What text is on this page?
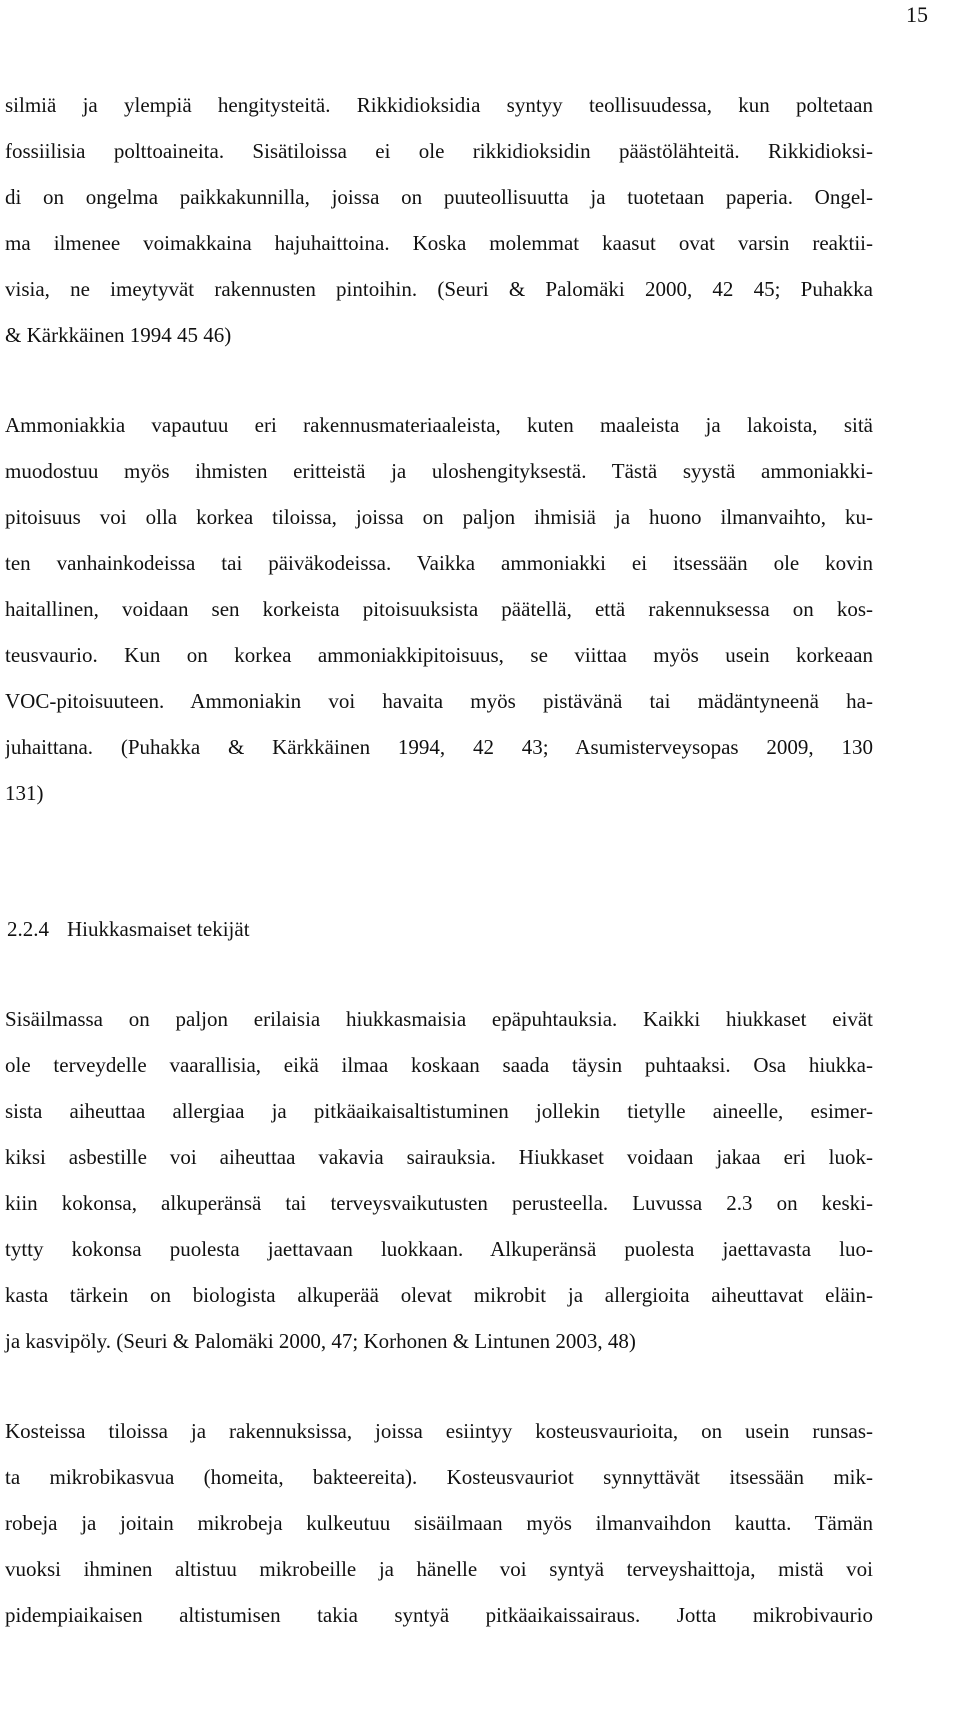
15
silmiä ja ylempiä hengitysteitä. Rikkidioksidia syntyy teollisuudessa, kun poltetaan
fossiilisia polttoaineita. Sisätiloissa ei ole rikkidioksidin päästölähteitä. Rikkidioksi-
di on ongelma paikkakunnilla, joissa on puuteollisuutta ja tuotetaan paperia. Ongel-
ma ilmenee voimakkaina hajuhaittoina. Koska molemmat kaasut ovat varsin reaktii-
visia, ne imeytyvät rakennusten pintoihin. (Seuri & Palomäki 2000, 42 45; Puhakka
& Kärkkäinen 1994 45 46)
Ammoniakkia vapautuu eri rakennusmateriaaleista, kuten maaleista ja lakoista, sitä
muodostuu myös ihmisten eritteistä ja uloshengityksestä. Tästä syystä ammoniakki-
pitoisuus voi olla korkea tiloissa, joissa on paljon ihmisiä ja huono ilmanvaihto, ku-
ten vanhainkodeissa tai päiväkodeissa. Vaikka ammoniakki ei itsessään ole kovin
haitallinen, voidaan sen korkeista pitoisuuksista päätellä, että rakennuksessa on kos-
teusvaurio. Kun on korkea ammoniakkipitoisuus, se viittaa myös usein korkeaan
VOC-pitoisuuteen. Ammoniakin voi havaita myös pistävänä tai mädäntyneenä ha-
juhaittana. (Puhakka & Kärkkäinen 1994, 42 43; Asumisterveysopas 2009, 130
131)
2.2.4 Hiukkasmaiset tekijät
Sisäilmassa on paljon erilaisia hiukkasmaisia epäpuhtauksia. Kaikki hiukkaset eivät
ole terveydelle vaarallisia, eikä ilmaa koskaan saada täysin puhtaaksi. Osa hiukka-
sista aiheuttaa allergiaa ja pitkäaikaisaltistuminen jollekin tietylle aineelle, esimer-
kiksi asbestille voi aiheuttaa vakavia sairauksia. Hiukkaset voidaan jakaa eri luok-
kiin kokonsa, alkuperänsä tai terveysvaikutusten perusteella. Luvussa 2.3 on keski-
tytty kokonsa puolesta jaettavaan luokkaan. Alkuperänsä puolesta jaettavasta luo-
kasta tärkein on biologista alkuperää olevat mikrobit ja allergioita aiheuttavat eläin-
ja kasvipöly. (Seuri & Palomäki 2000, 47; Korhonen & Lintunen 2003, 48)
Kosteissa tiloissa ja rakennuksissa, joissa esiintyy kosteusvaurioita, on usein runsas-
ta mikrobikasvua (homeita, bakteereita). Kosteusvauriot synnyttävät itsessään mik-
robeja ja joitain mikrobeja kulkeutuu sisäilmaan myös ilmanvaihdon kautta. Tämän
vuoksi ihminen altistuu mikrobeille ja hänelle voi syntyä terveyshaittoja, mistä voi
pidempiaikaisen altistumisen takia syntyä pitkäaikaissairaus. Jotta mikrobivaurio
